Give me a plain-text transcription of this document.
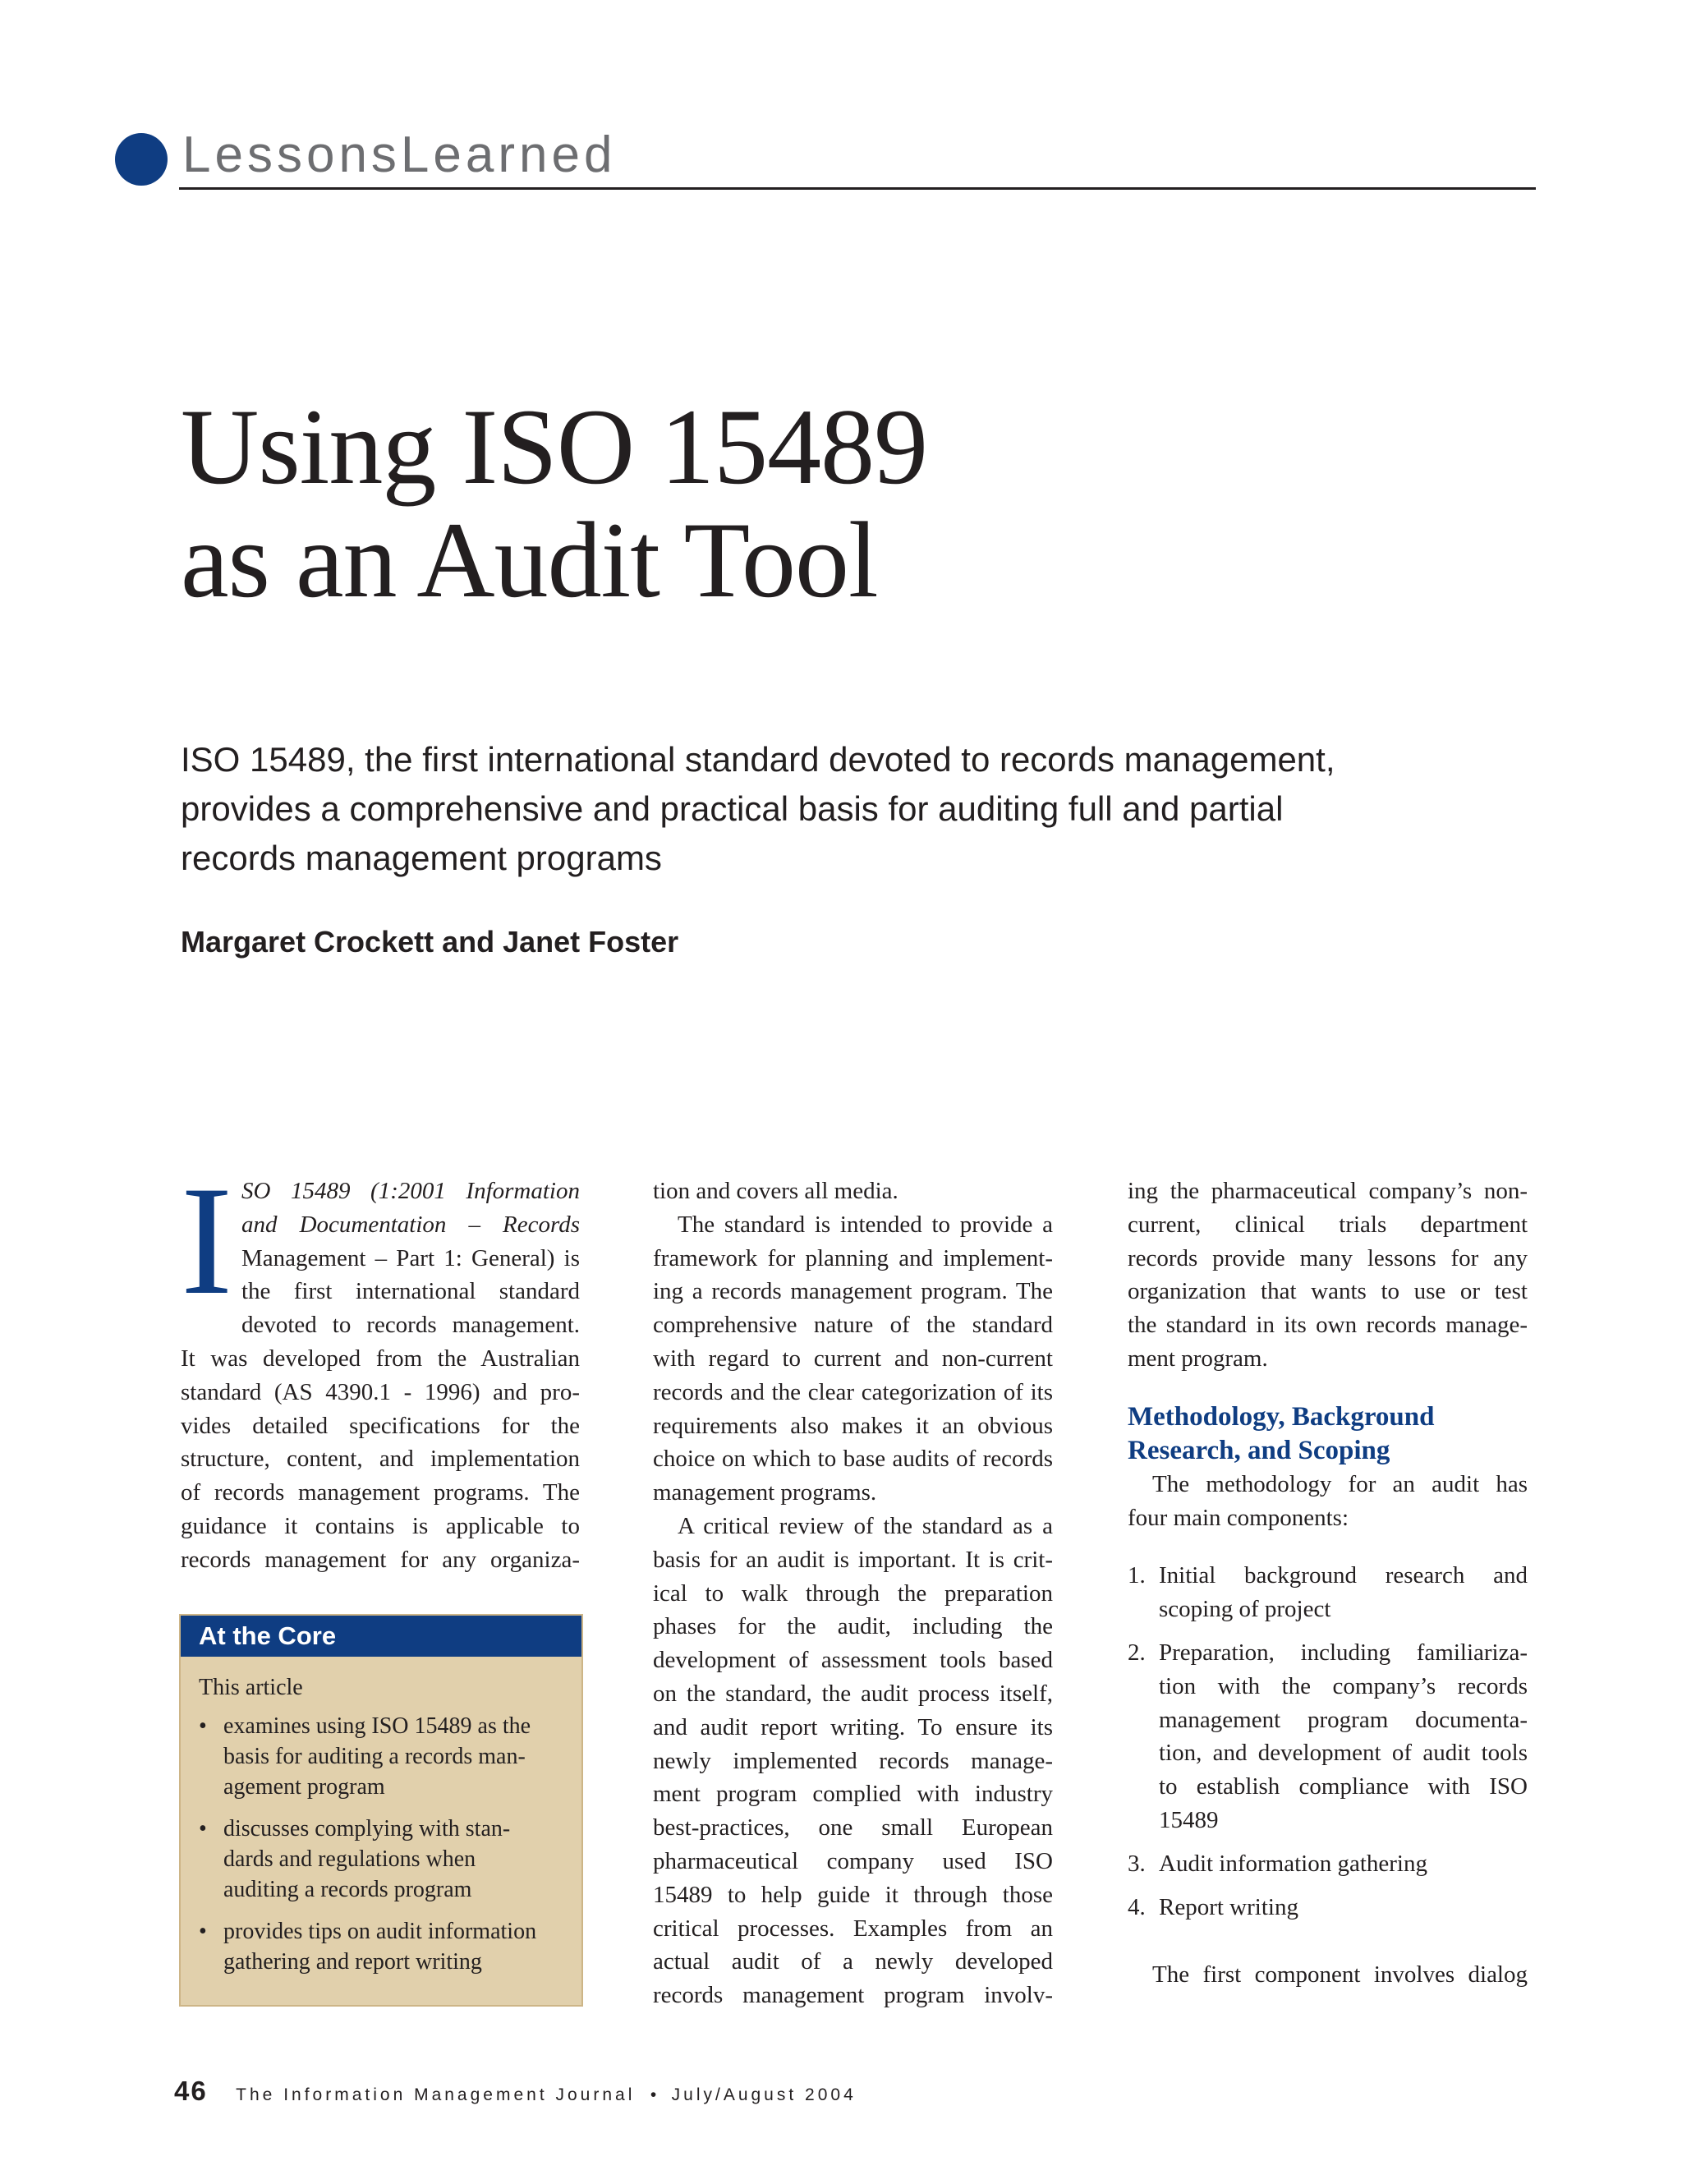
LessonsLearned
Using ISO 15489
as an Audit Tool
ISO 15489, the first international standard devoted to records management,
provides a comprehensive and practical basis for auditing full and partial
records management programs
Margaret Crockett and Janet Foster
I SO 15489 (1:2001 Information
and Documentation – Records
Management – Part 1: General) is
the first international standard
devoted to records management.
It was developed from the Australian
standard (AS 4390.1 - 1996) and pro-
vides detailed specifications for the
structure, content, and implementation
of records management programs. The
guidance it contains is applicable to
records management for any organiza-
At the Core
This article
• examines using ISO 15489 as the
basis for auditing a records man-
agement program
• discusses complying with stan-
dards and regulations when
auditing a records program
• provides tips on audit information
gathering and report writing
tion and covers all media.
The standard is intended to provide a
framework for planning and implement-
ing a records management program. The
comprehensive nature of the standard
with regard to current and non-current
records and the clear categorization of its
requirements also makes it an obvious
choice on which to base audits of records
management programs.
A critical review of the standard as a
basis for an audit is important. It is crit-
ical to walk through the preparation
phases for the audit, including the
development of assessment tools based
on the standard, the audit process itself,
and audit report writing. To ensure its
newly implemented records manage-
ment program complied with industry
best-practices, one small European
pharmaceutical company used ISO
15489 to help guide it through those
critical processes. Examples from an
actual audit of a newly developed
records management program involv-
ing the pharmaceutical company’s non-
current, clinical trials department
records provide many lessons for any
organization that wants to use or test
the standard in its own records manage-
ment program.
Methodology, Background
Research, and Scoping
The methodology for an audit has
four main components:
1. Initial background research and
scoping of project
2. Preparation, including familiariza-
tion with the company’s records
management program documenta-
tion, and development of audit tools
to establish compliance with ISO
15489
3. Audit information gathering
4. Report writing
The first component involves dialog
46 The Information Management Journal • July/August 2004
